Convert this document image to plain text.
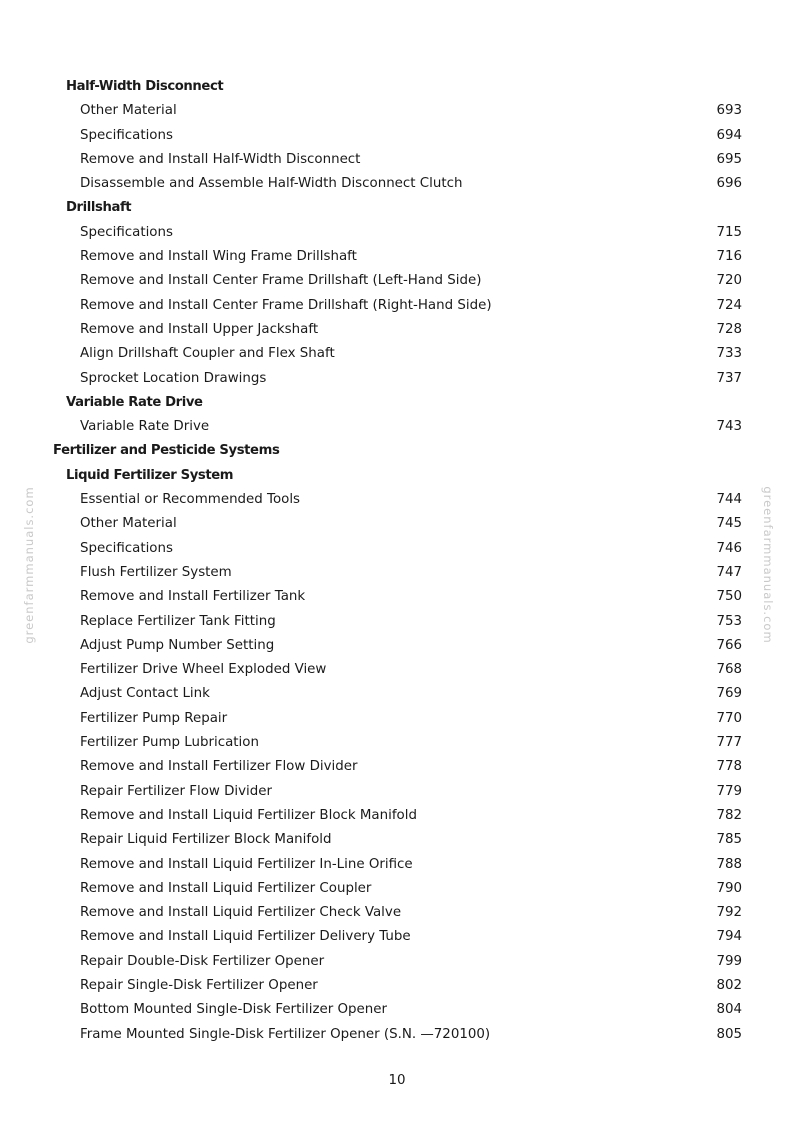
Half-Width Disconnect
Other Material	693
Specifications	694
Remove and Install Half-Width Disconnect	695
Disassemble and Assemble Half-Width Disconnect Clutch	696
Drillshaft
Specifications	715
Remove and Install Wing Frame Drillshaft	716
Remove and Install Center Frame Drillshaft (Left-Hand Side)	720
Remove and Install Center Frame Drillshaft (Right-Hand Side)	724
Remove and Install Upper Jackshaft	728
Align Drillshaft Coupler and Flex Shaft	733
Sprocket Location Drawings	737
Variable Rate Drive
Variable Rate Drive	743
Fertilizer and Pesticide Systems
Liquid Fertilizer System
Essential or Recommended Tools	744
Other Material	745
Specifications	746
Flush Fertilizer System	747
Remove and Install Fertilizer Tank	750
Replace Fertilizer Tank Fitting	753
Adjust Pump Number Setting	766
Fertilizer Drive Wheel Exploded View	768
Adjust Contact Link	769
Fertilizer Pump Repair	770
Fertilizer Pump Lubrication	777
Remove and Install Fertilizer Flow Divider	778
Repair Fertilizer Flow Divider	779
Remove and Install Liquid Fertilizer Block Manifold	782
Repair Liquid Fertilizer Block Manifold	785
Remove and Install Liquid Fertilizer In-Line Orifice	788
Remove and Install Liquid Fertilizer Coupler	790
Remove and Install Liquid Fertilizer Check Valve	792
Remove and Install Liquid Fertilizer Delivery Tube	794
Repair Double-Disk Fertilizer Opener	799
Repair Single-Disk Fertilizer Opener	802
Bottom Mounted Single-Disk Fertilizer Opener	804
Frame Mounted Single-Disk Fertilizer Opener (S.N. —720100)	805
10
greenfarmmanuals.com	greenfarmmanuals.com
